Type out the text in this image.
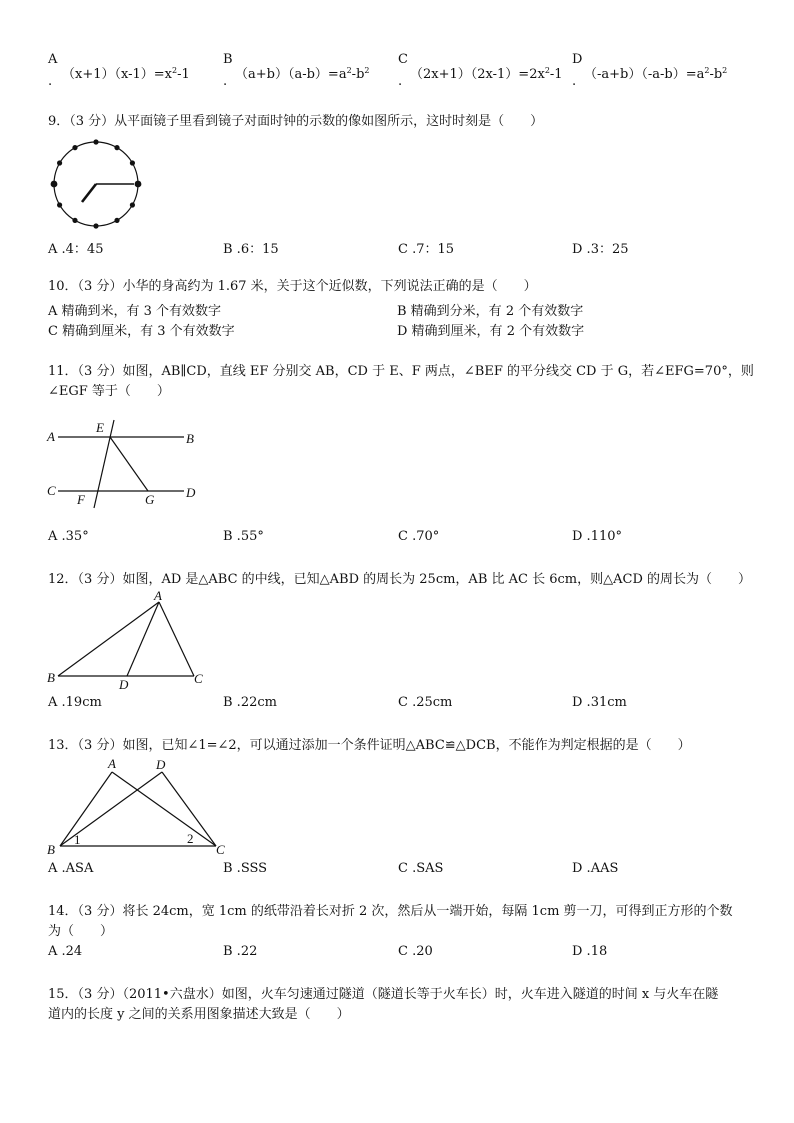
A
. $(x+1)(x-1)=x^2-1$
B
. $(a+b)(a-b)=a^2-b^2$
C
. $(2x+1)(2x-1)=2x^2-1$
D
. $(-a+b)(-a-b)=a^2-b^2$
9．（3 分）从平面镜子里看到镜子对面时钟的示数的像如图所示，这时时刻是（　　）
A .4：45	B .6：15	C .7：15	D .3：25
10．（3 分）小华的身高约为 1.67 米，关于这个近似数，下列说法正确的是（　　）
A 精确到米，有 3 个有效数字	B 精确到分米，有 2 个有效数字
C 精确到厘米，有 3 个有效数字	D 精确到厘米，有 2 个有效数字
11．（3 分）如图，AB∥CD，直线 EF 分别交 AB，CD 于 E、F 两点，∠BEF 的平分线交 CD 于 G，若∠EFG=70°，则
∠EGF 等于（　　）
A	B
C	D
E
F	G
A .35°	B .55°	C .70°	D .110°
12．（3 分）如图，AD 是△ABC 的中线，已知△ABD 的周长为 25cm，AB 比 AC 长 6cm，则△ACD 的周长为（　　）
A
B	C
D
A .19cm	B .22cm	C .25cm	D .31cm
13．（3 分）如图，已知∠1=∠2，可以通过添加一个条件证明△ABC≌△DCB，不能作为判定根据的是（　　）
A	D
B	C
1	2
A .ASA	B .SSS	C .SAS	D .AAS
14．（3 分）将长 24cm，宽 1cm 的纸带沿着长对折 2 次，然后从一端开始，每隔 1cm 剪一刀，可得到正方形的个数
为（　　）
A .24	B .22	C .20	D .18
15．（3 分）（2011•六盘水）如图，火车匀速通过隧道（隧道长等于火车长）时，火车进入隧道的时间 x 与火车在隧
道内的长度 y 之间的关系用图象描述大致是（　　）
